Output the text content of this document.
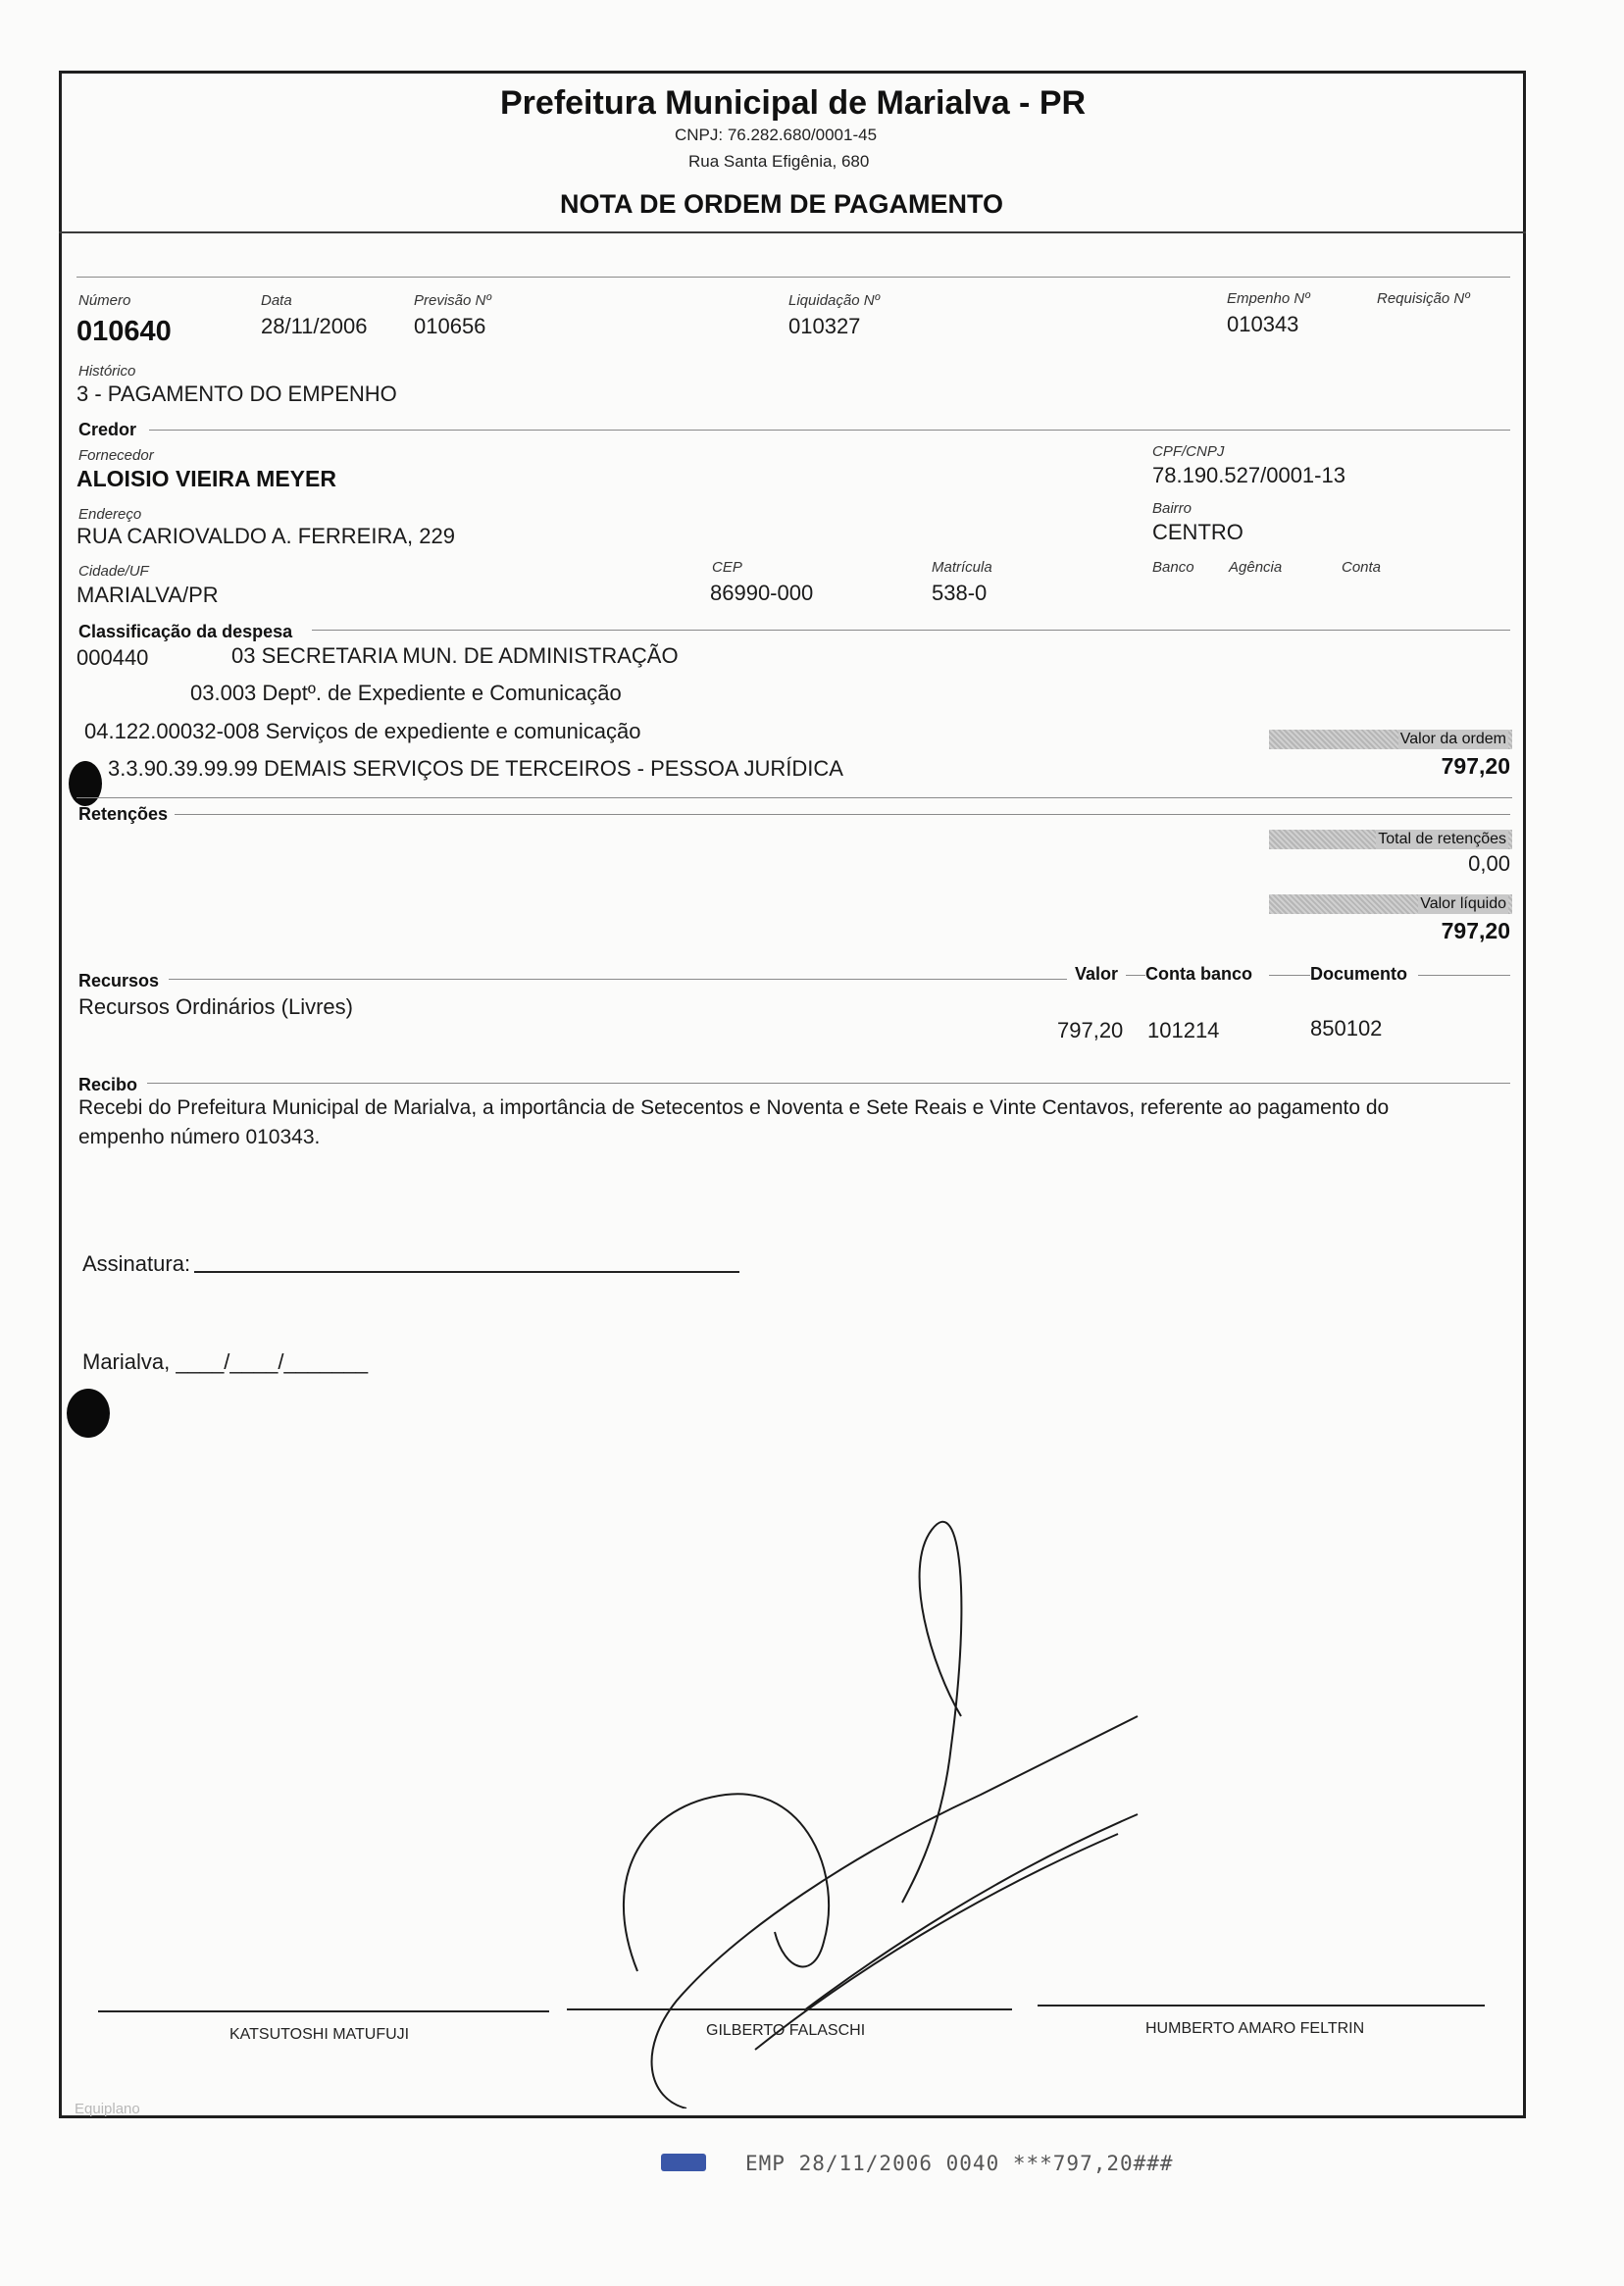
Prefeitura Municipal de Marialva - PR
CNPJ: 76.282.680/0001-45
Rua Santa Efigênia, 680
NOTA DE ORDEM DE PAGAMENTO
Número
010640
Data
28/11/2006
Previsão Nº
010656
Liquidação Nº
010327
Empenho Nº
010343
Requisição Nº
Histórico
3 - PAGAMENTO DO EMPENHO
Credor
Fornecedor
ALOISIO VIEIRA MEYER
CPF/CNPJ
78.190.527/0001-13
Endereço
RUA CARIOVALDO A. FERREIRA, 229
Bairro
CENTRO
Cidade/UF
MARIALVA/PR
CEP
86990-000
Matrícula
538-0
Banco Agência	Conta
Classificação da despesa
000440	03 SECRETARIA MUN. DE ADMINISTRAÇÃO
03.003 Deptº. de Expediente e Comunicação
04.122.00032-008 Serviços de expediente e comunicação
3.3.90.39.99.99 DEMAIS SERVIÇOS DE TERCEIROS - PESSOA JURÍDICA
Valor da ordem
797,20
Retenções
Total de retenções
0,00
Valor líquido
797,20
Recursos	Valor Conta banco	Documento
Recursos Ordinários (Livres)
797,20 101214	850102
Recibo
Recebi do Prefeitura Municipal de Marialva, a importância de Setecentos e Noventa e Sete Reais e Vinte Centavos, referente ao pagamento do
empenho número 010343.
Assinatura:
Marialva, ____/____/_______
KATSUTOSHI MATUFUJI	GILBERTO FALASCHI	HUMBERTO AMARO FELTRIN
Equiplano
EMP 28/11/2006 0040 ***797,20###
